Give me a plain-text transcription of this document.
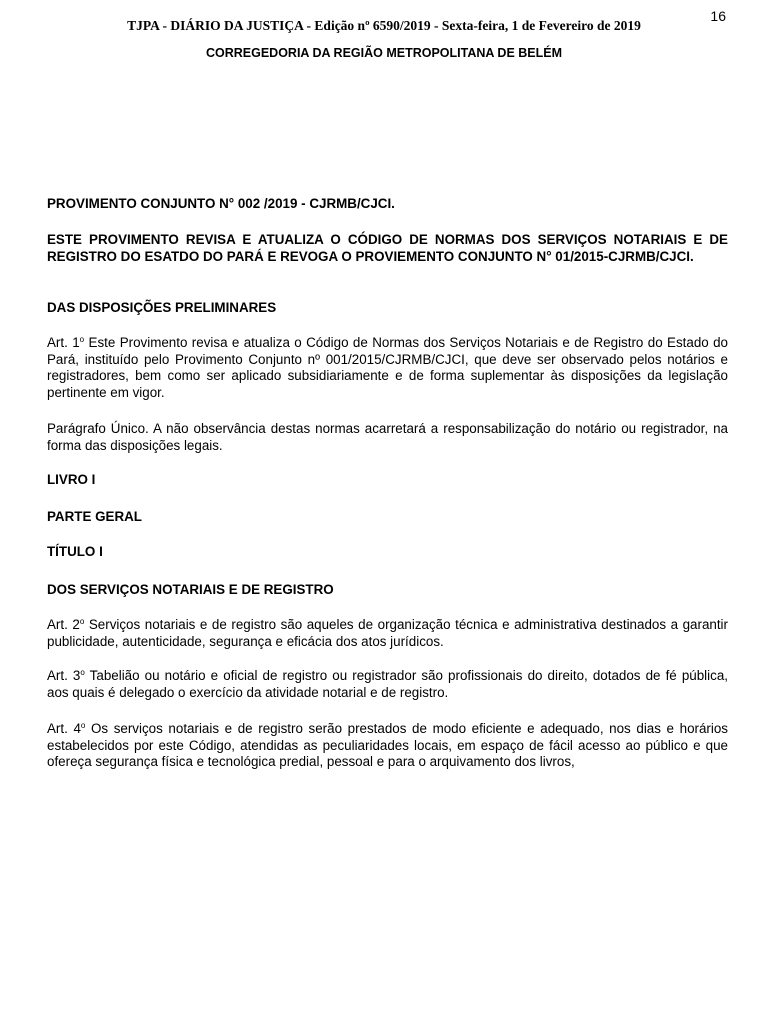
16
TJPA - DIÁRIO DA JUSTIÇA - Edição nº 6590/2019 - Sexta-feira, 1 de Fevereiro de 2019
CORREGEDORIA DA REGIÃO METROPOLITANA DE BELÉM

PROVIMENTO CONJUNTO N° 002 /2019 - CJRMB/CJCI.

ESTE PROVIMENTO REVISA E ATUALIZA O CÓDIGO DE NORMAS DOS SERVIÇOS NOTARIAIS E DE REGISTRO DO ESATDO DO PARÁ E REVOGA O PROVIEMENTO CONJUNTO N° 01/2015-CJRMB/CJCI.

DAS DISPOSIÇÕES PRELIMINARES

Art. 1$^o$ Este Provimento revisa e atualiza o Código de Normas dos Serviços Notariais e de Registro do Estado do Pará, instituído pelo Provimento Conjunto nº 001/2015/CJRMB/CJCI, que deve ser observado pelos notários e registradores, bem como ser aplicado subsidiariamente e de forma suplementar às disposições da legislação pertinente em vigor.

Parágrafo Único. A não observância destas normas acarretará a responsabilização do notário ou registrador, na forma das disposições legais.

LIVRO I

PARTE GERAL

TÍTULO I

DOS SERVIÇOS NOTARIAIS E DE REGISTRO

Art. 2$^o$ Serviços notariais e de registro são aqueles de organização técnica e administrativa destinados a garantir publicidade, autenticidade, segurança e eficácia dos atos jurídicos.

Art. 3$^o$ Tabelião ou notário e oficial de registro ou registrador são profissionais do direito, dotados de fé pública, aos quais é delegado o exercício da atividade notarial e de registro.

Art. 4$^o$ Os serviços notariais e de registro serão prestados de modo eficiente e adequado, nos dias e horários estabelecidos por este Código, atendidas as peculiaridades locais, em espaço de fácil acesso ao público e que ofereça segurança física e tecnológica predial, pessoal e para o arquivamento dos livros,
